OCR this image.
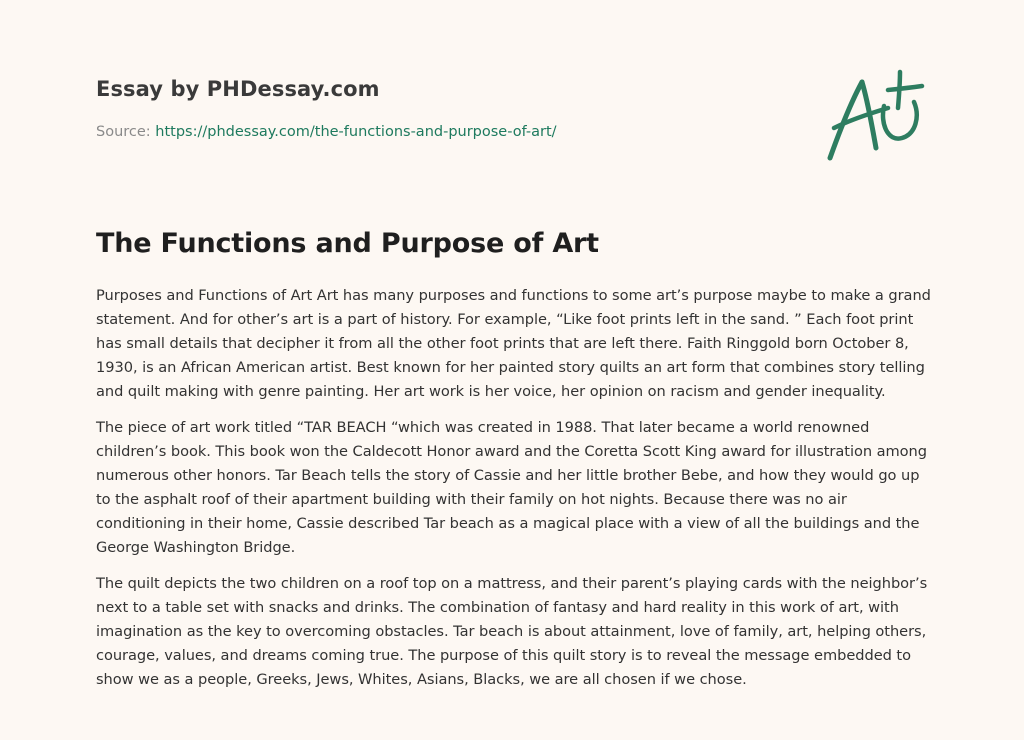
Essay by PHDessay.com
Source: https://phdessay.com/the-functions-and-purpose-of-art/
The Functions and Purpose of Art

Purposes and Functions of Art Art has many purposes and functions to some art’s purpose maybe to make a grand statement. And for other’s art is a part of history. For example, “Like foot prints left in the sand. ” Each foot print has small details that decipher it from all the other foot prints that are left there. Faith Ringgold born October 8, 1930, is an African American artist. Best known for her painted story quilts an art form that combines story telling and quilt making with genre painting. Her art work is her voice, her opinion on racism and gender inequality.

The piece of art work titled “TAR BEACH “which was created in 1988. That later became a world renowned children’s book. This book won the Caldecott Honor award and the Coretta Scott King award for illustration among numerous other honors. Tar Beach tells the story of Cassie and her little brother Bebe, and how they would go up to the asphalt roof of their apartment building with their family on hot nights. Because there was no air conditioning in their home, Cassie described Tar beach as a magical place with a view of all the buildings and the George Washington Bridge.

The quilt depicts the two children on a roof top on a mattress, and their parent’s playing cards with the neighbor’s next to a table set with snacks and drinks. The combination of fantasy and hard reality in this work of art, with imagination as the key to overcoming obstacles. Tar beach is about attainment, love of family, art, helping others, courage, values, and dreams coming true. The purpose of this quilt story is to reveal the message embedded to show we as a people, Greeks, Jews, Whites, Asians, Blacks, we are all chosen if we chose.
